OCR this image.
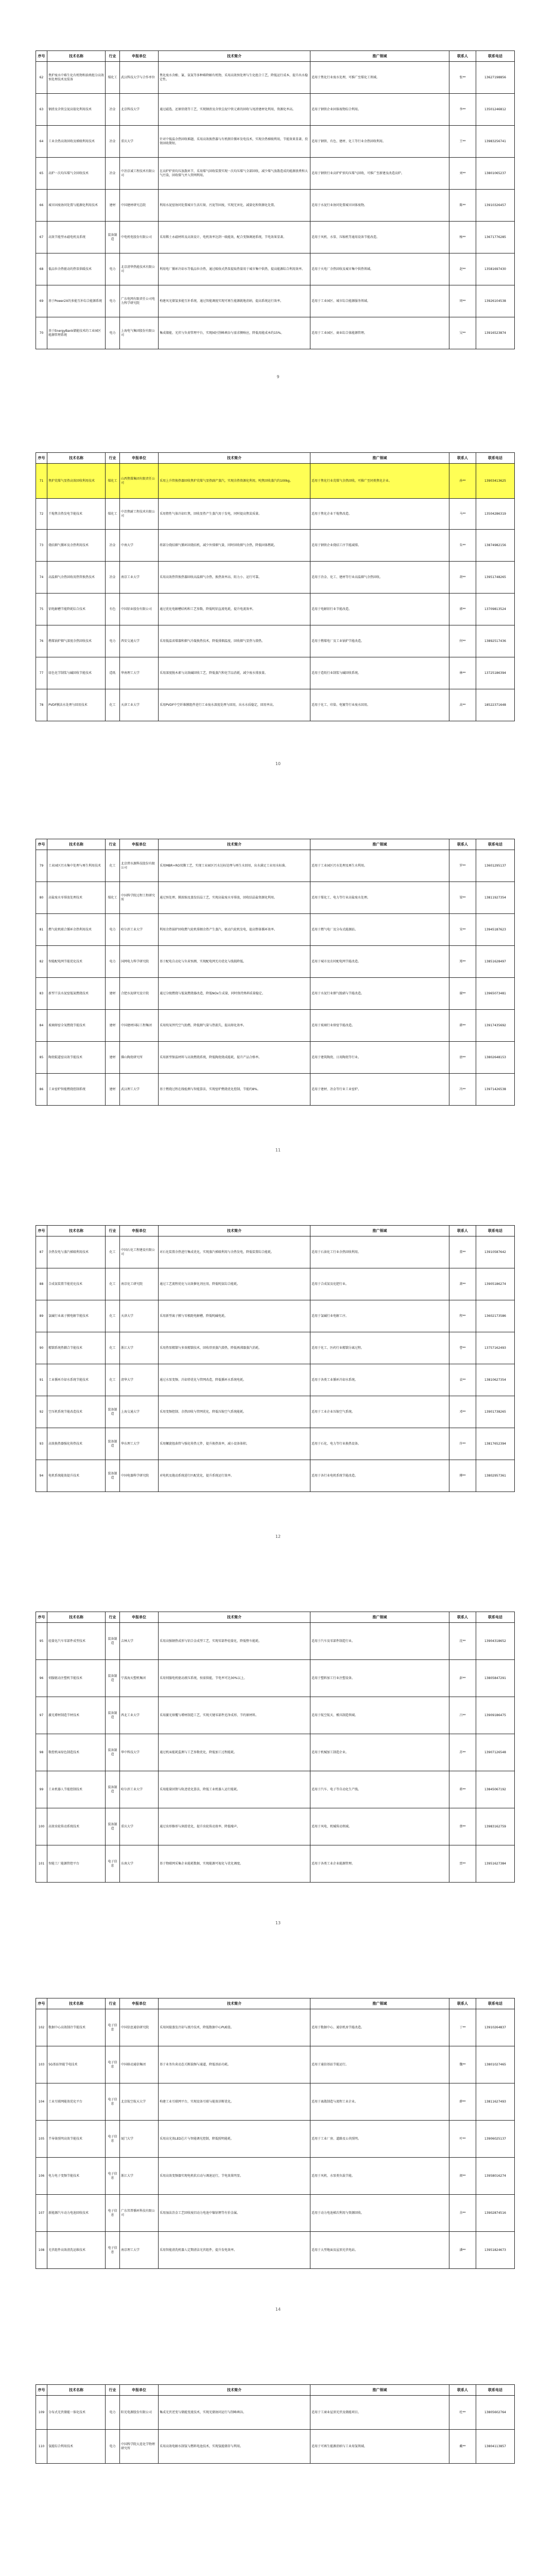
序号	技术名称	行业	申报单位	技术简介	推广领域	联系人	联系电话
62	焦炉废水中难生化有机物和油类组分高效预处理技术及装备	煤化工	武汉科技大学与合作单位	焦化废水含酚、氰、氨氮等多种难降解有机物，采用高效预处理与生化组合工艺，降低运行成本，提升出水稳定性。	适用于焦化行业废水处理，可推广至煤化工领域。	张**	13627198856
63	钢渣及含铁尘泥高值化利用技术	冶金	北京科技大学	通过磁选、还原焙烧等工艺，实现钢渣及含铁尘泥中铁元素的回收与尾渣建材化利用，资源化率高。	适用于钢铁企业固体废物综合利用。	李**	13501246812
64	工业余热高效回收及梯级利用技术	冶金	重庆大学	针对中低温余热回收难题，采用高效换热器与有机朗肯循环发电技术，实现余热梯级利用，节能效果显著，投资回收期短。	适用于钢铁、有色、建材、化工等行业余热回收利用。	王**	13983256741
65	高炉一次均压煤气全回收技术	冶金	中冶京诚工程技术有限公司	在高炉炉顶均压放散环节，采用煤气回收装置实现一次均压煤气全部回收，减少煤气放散造成的能源浪费和大气污染，回收煤气并入管网利用。	适用于钢铁行业高炉炉顶均压煤气回收，可推广至新建及改造高炉。	刘**	13801065237
66	城市固废协同处置与能源化利用技术	建材	中国建材研究总院	利用水泥窑协同处置城市生活垃圾、污泥等固废，实现无害化、减量化和资源化处置。	适用于水泥行业协同处置城市固体废物。	陈**	13910326457
67	高效节能型永磁电机及系统	装备制造	中电机电股份有限公司	采用稀土永磁材料及高效设计，电机效率达到一级能效，配合变频调速系统，节电效果显著。	适用于风机、水泵、压缩机等通用设备节能改造。	杨**	13671776285
68	低品位余热驱动的热泵供暖技术	电力	北京清华热能技术有限公司	利用电厂循环冷却水等低品位余热，通过吸收式热泵提取热量用于城市集中供热，提高能源综合利用效率。	适用于火电厂余热回收及城市集中供热领域。	赵**	13581697430
69	基于Power2X的多能互补综合能源系统	电力	广东电网有限责任公司电力科学研究院	构建风光储氢多能互补系统，通过智能调度实现可再生能源就地消纳，提高系统运行效率。	适用于工业园区、城市综合能源服务领域。	周**	13926104538
70	基于EnergyBank储能技术的工业园区能源管理系统	电力	上海电气集团股份有限公司	集成储能、光伏与负荷管理平台，实现园区削峰填谷与需求侧响应，降低用能成本约15%。	适用于工业园区、商业综合体能源管理。	吴**	13916523874
9
序号	技术名称	行业	申报单位	技术简介	推广领域	联系人	联系电话
71	焦炉荒煤气显热高效回收利用技术	煤化工	山西焦煤集团有限责任公司	采用上升管换热器回收焦炉荒煤气显热副产蒸汽，实现余热资源化利用，吨焦回收蒸汽约100kg。	适用于焦化行业荒煤气余热回收，可推广至同类焦化企业。	孙**	13903413625
72	干熄焦余热发电节能技术	煤化工	中冶焦耐工程技术有限公司	采用惰性气体冷却红焦，回收显热产生蒸汽用于发电，同时提高焦炭质量。	适用于焦化企业干熄焦改造。	马**	13504286319
73	烧结烟气循环及余热利用技术	冶金	中南大学	将部分烧结烟气循环回烧结机，减少外排烟气量，同时回收烟气余热，降低固体燃耗。	适用于钢铁企业烧结工序节能减排。	朱**	13874982156
74	高温烟气余热回收用热管换热技术	冶金	南京工业大学	采用高效热管换热器回收高温烟气余热，换热效率高、阻力小、运行可靠。	适用于冶金、化工、建材等行业高温烟气余热回收。	胡**	13951748265
75	铝电解槽节能降耗综合技术	有色	中国铝业股份有限公司	通过优化电解槽结构和工艺参数，降低吨铝直流电耗，提升电流效率。	适用于电解铝行业节能改造。	郭**	13709813524
76	燃煤锅炉烟气深度余热回收技术	电力	西安交通大学	采用低温省煤器和烟气冷凝换热技术，降低排烟温度，回收烟气显热与潜热。	适用于燃煤电厂及工业锅炉节能改造。	何**	13892517436
77	绿色化学制浆与碱回收节能技术	造纸	华南理工大学	采用深度脱木素与高效碱回收工艺，降低蒸汽和化学品消耗，减少废水排放量。	适用于造纸行业制浆与碱回收系统。	林**	13725186394
78	PVDF膜法水处理与回用技术	化工	天津工业大学	采用PVDF中空纤维膜组件进行工业废水深度处理与回用，出水水质稳定，回用率高。	适用于化工、印染、电镀等行业废水回用。	高**	18522371648
10
序号	技术名称	行业	申报单位	技术简介	推广领域	联系人	联系电话
79	工业园区污水集中处理与再生利用技术	化工	北京碧水源科技股份有限公司	采用MBR+RO双膜工艺，实现工业园区污水达标处理与再生水回用，出水满足工业用水标准。	适用于工业园区污水处理及再生水利用。	罗**	13601295137
80	高盐废水零排放处理技术	煤化工	中国科学院过程工程研究所	通过预处理、膜浓缩及蒸发结晶工艺，实现高盐废水零排放，回收结晶盐资源化利用。	适用于煤化工、电力等行业高盐废水处理。	梁**	13811927354
81	燃气轮机联合循环余热利用技术	电力	哈尔滨工业大学	利用余热锅炉回收燃气轮机排烟余热产生蒸汽，驱动汽轮机发电，提高整体循环效率。	适用于燃气电厂及分布式能源站。	宋**	13945187623
82	智能配电网节能优化技术	电力	国网电力科学研究院	基于配电自动化与负荷预测，实现配电网无功优化与线损降低。	适用于城市及农村配电网节能改造。	郑**	13851628497
83	新型干法水泥窑低氮燃烧技术	建材	合肥水泥研究设计院	通过分级燃烧与低氮燃烧器改造，降低NOx生成量，同时保持熟料质量稳定。	适用于水泥行业烟气脱硝与节能改造。	谢**	13965073481
84	玻璃熔窑全氧燃烧节能技术	建材	中国建材国际工程集团	采用纯氧替代空气助燃，降低烟气量与热损失，提高熔化效率。	适用于玻璃行业熔窑节能改造。	韩**	13917435692
85	陶瓷辊道窑高效节能技术	建材	佛山陶瓷研究所	采用新型保温材料与高效燃烧系统，降低陶瓷烧成能耗，提升产品合格率。	适用于建筑陶瓷、日用陶瓷等行业。	唐**	13802648153
86	工业窑炉智能燃烧控制系统	建材	武汉理工大学	基于燃烧过程在线检测与智能算法，实现窑炉燃烧优化控制，节能约8%。	适用于建材、冶金等行业工业窑炉。	冯**	13971426538
11
序号	技术名称	行业	申报单位	技术简介	推广领域	联系人	联系电话
87	余热发电与蒸汽梯级利用技术	化工	中国石化工程建设有限公司	对石化装置余热进行集成优化，实现蒸汽梯级利用与余热发电，降低装置综合能耗。	适用于石油化工行业余热回收利用。	董**	13910587642
88	合成氨装置节能优化技术	化工	南京化工研究院	通过工艺流程优化与高效催化剂应用，降低吨氨综合能耗。	适用于合成氨及化肥行业。	萧**	13905186274
89	氯碱行业离子膜电解节能技术	化工	天津大学	采用新型离子膜与零极距电解槽，降低吨碱电耗。	适用于氯碱行业电解工序。	程**	13602173586
90	精馏系统热耦合节能技术	化工	浙江大学	采用热泵精馏与多效精馏技术，回收塔顶蒸汽潜热，降低再沸器蒸汽消耗。	适用于化工、医药行业精馏分离过程。	曹**	13757162493
91	工业循环冷却水系统节能技术	化工	清华大学	通过水泵变频、冷却塔优化与管网改造，降低循环水系统电耗。	适用于各类工业循环冷却水系统。	袁**	13810627354
92	空压机系统节能改造技术	装备制造	上海交通大学	采用变频控制、余热回收与管网优化，降低压缩空气系统能耗。	适用于工业企业压缩空气系统。	邓**	13901738265
93	高效换热器强化传热技术	装备制造	华东理工大学	采用螺旋扭曲管与强化传热元件，提升换热效率，减小设备体积。	适用于石化、电力等行业换热设备。	许**	13817652394
94	电机系统能效提升技术	装备制造	中国电器科学研究院	对电机及拖动系统进行匹配优化，提升系统运行效率。	适用于各行业电机系统节能改造。	傅**	13802957361
12
序号	技术名称	行业	申报单位	技术简介	推广领域	联系人	联系电话
95	轻量化汽车零部件成型技术	装备制造	吉林大学	采用高强钢热成形与铝合金成型工艺，实现零部件轻量化，降低整车能耗。	适用于汽车及零部件制造行业。	沈**	13904318652
96	伺服驱动注塑机节能技术	装备制造	宁波海天塑机集团	采用伺服电机驱动液压系统，按需供能，节电率可达30%以上。	适用于塑料加工行业注塑设备。	彭**	13805847291
97	激光增材制造节材技术	装备制造	西北工业大学	采用激光熔覆与增材制造工艺，实现关键零部件近净成形，节约原材料。	适用于航空航天、模具制造领域。	吕**	13909186475
98	数控机床绿色制造技术	装备制造	华中科技大学	通过机床能耗监测与工艺参数优化，降低加工过程能耗。	适用于机械加工制造企业。	苏**	13907126548
99	工业机器人节能控制技术	装备制造	哈尔滨工业大学	采用能量回馈与轨迹优化算法，降低工业机器人运行能耗。	适用于汽车、电子等自动化生产线。	蒋**	13845067192
100	高效齿轮传动系统技术	装备制造	重庆大学	通过齿形修形与润滑优化，提升齿轮传动效率，降低噪声。	适用于风电、机械传动领域。	蔡**	13983162759
101	智能工厂能源管控平台	电子信息	东南大学	基于物联网采集企业能耗数据，实现能源可视化与优化调度。	适用于各类工业企业能源管理。	贾**	13951627384
13
序号	技术名称	行业	申报单位	技术简介	推广领域	联系人	联系电话
102	数据中心高效制冷节能技术	电子信息	中国信息通信研究院	采用间接蒸发冷却与液冷技术，降低数据中心PUE值。	适用于数据中心、通信机房节能改造。	丁**	13910264837
103	5G基站智能节电技术	电子信息	中国移动通信集团	基于业务负荷动态关断载频与通道，降低基站功耗。	适用于通信基站节能运行。	魏**	13801027465
104	工业互联网能效优化平台	电子信息	北京航空航天大学	构建工业互联网平台，实现设备互联与能效诊断优化。	适用于离散制造与流程工业企业。	薛**	13811627493
105	半导体照明高效节能技术	电子信息	厦门大学	采用高光效LED芯片与智能调光控制，降低照明能耗。	适用于工业厂房、道路及公共照明。	叶**	13906025137
106	电力电子变频节能技术	电子信息	浙江大学	采用高效变频器实现电机软启动与调速运行，节电效果明显。	适用于风机、水泵类负载节能。	阎**	13958016274
107	新能源汽车动力电池回收技术	电子信息	广东邦普循环科技有限公司	采用湿法冶金工艺回收废旧动力电池中镍钴锂等有价金属。	适用于动力电池梯次利用与资源回收。	余**	13902874516
108	光伏组件高效清洗运维技术	电子信息	南京理工大学	采用智能清洗机器人定期清洁光伏组件，提升发电效率。	适用于大型地面及屋顶光伏电站。	潘**	13951824673
14
序号	技术名称	行业	申报单位	技术简介	推广领域	联系人	联系电话
109	分布式光伏储能一体化技术	电力	阳光电源股份有限公司	集成光伏逆变与储能变流技术，实现光储协同运行与削峰填谷。	适用于工商业屋顶光伏及储能项目。	杜**	13805602764
110	氢能综合利用技术	电力	中国科学院大连化学物理研究所	采用高效电解水制氢与燃料电池技术，实现氢能储存与利用。	适用于可再生能源消纳与工业用氢领域。	戴**	13804113857
